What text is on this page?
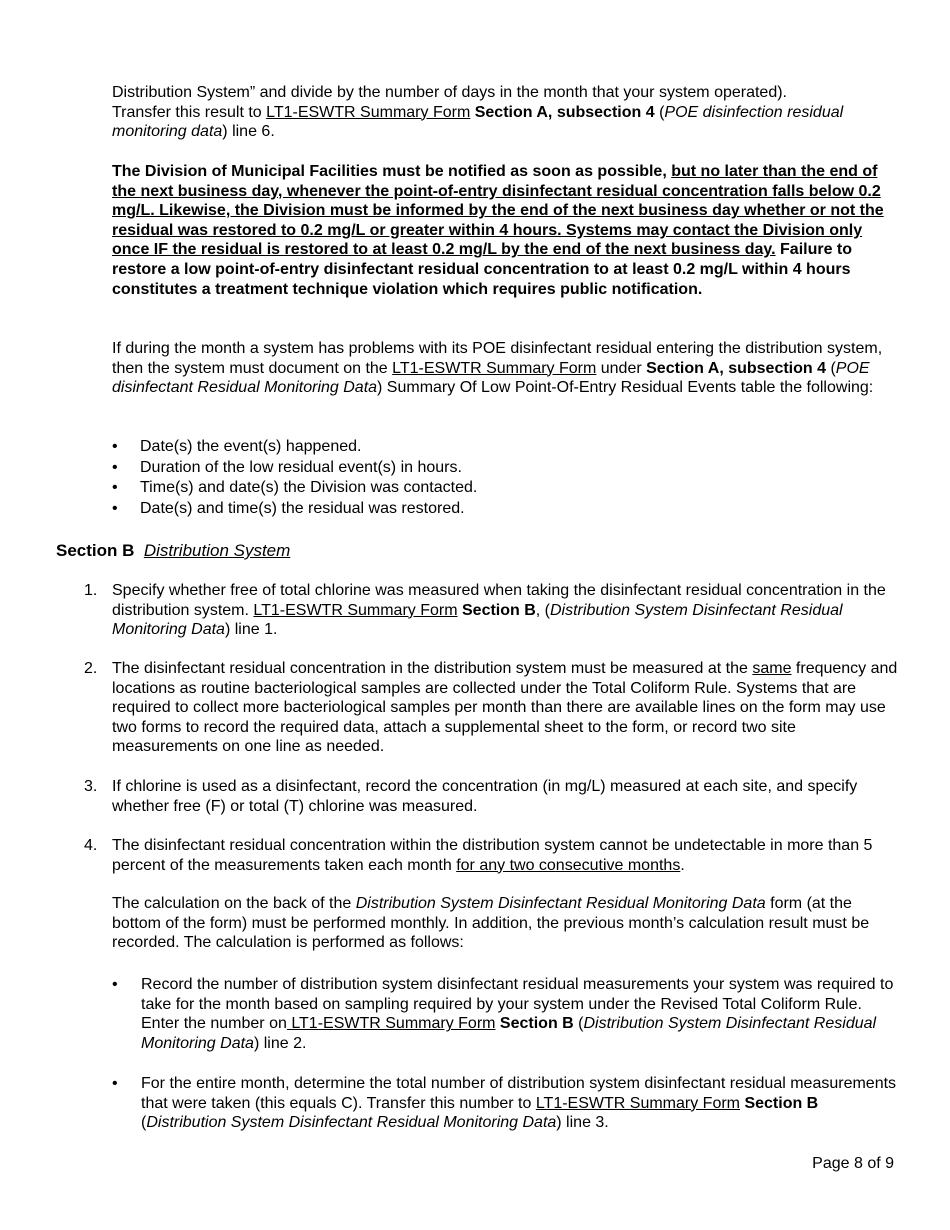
Distribution System” and divide by the number of days in the month that your system operated).
Transfer this result to LT1-ESWTR Summary Form Section A, subsection 4 (POE disinfection residual monitoring data) line 6.

The Division of Municipal Facilities must be notified as soon as possible, but no later than the end of the next business day, whenever the point-of-entry disinfectant residual concentration falls below 0.2 mg/L. Likewise, the Division must be informed by the end of the next business day whether or not the residual was restored to 0.2 mg/L or greater within 4 hours. Systems may contact the Division only once IF the residual is restored to at least 0.2 mg/L by the end of the next business day. Failure to restore a low point-of-entry disinfectant residual concentration to at least 0.2 mg/L within 4 hours constitutes a treatment technique violation which requires public notification.

If during the month a system has problems with its POE disinfectant residual entering the distribution system, then the system must document on the LT1-ESWTR Summary Form under Section A, subsection 4 (POE disinfectant Residual Monitoring Data) Summary Of Low Point-Of-Entry Residual Events table the following:

• Date(s) the event(s) happened.
• Duration of the low residual event(s) in hours.
• Time(s) and date(s) the Division was contacted.
• Date(s) and time(s) the residual was restored.
Section B Distribution System
1. Specify whether free of total chlorine was measured when taking the disinfectant residual concentration in the distribution system. LT1-ESWTR Summary Form Section B, (Distribution System Disinfectant Residual Monitoring Data) line 1.

2. The disinfectant residual concentration in the distribution system must be measured at the same frequency and locations as routine bacteriological samples are collected under the Total Coliform Rule. Systems that are required to collect more bacteriological samples per month than there are available lines on the form may use two forms to record the required data, attach a supplemental sheet to the form, or record two site measurements on one line as needed.

3. If chlorine is used as a disinfectant, record the concentration (in mg/L) measured at each site, and specify whether free (F) or total (T) chlorine was measured.

4. The disinfectant residual concentration within the distribution system cannot be undetectable in more than 5 percent of the measurements taken each month for any two consecutive months.

The calculation on the back of the Distribution System Disinfectant Residual Monitoring Data form (at the bottom of the form) must be performed monthly. In addition, the previous month’s calculation result must be recorded. The calculation is performed as follows:

• Record the number of distribution system disinfectant residual measurements your system was required to take for the month based on sampling required by your system under the Revised Total Coliform Rule. Enter the number on LT1-ESWTR Summary Form Section B (Distribution System Disinfectant Residual Monitoring Data) line 2.

• For the entire month, determine the total number of distribution system disinfectant residual measurements that were taken (this equals C). Transfer this number to LT1-ESWTR Summary Form Section B (Distribution System Disinfectant Residual Monitoring Data) line 3.

Page 8 of 9
